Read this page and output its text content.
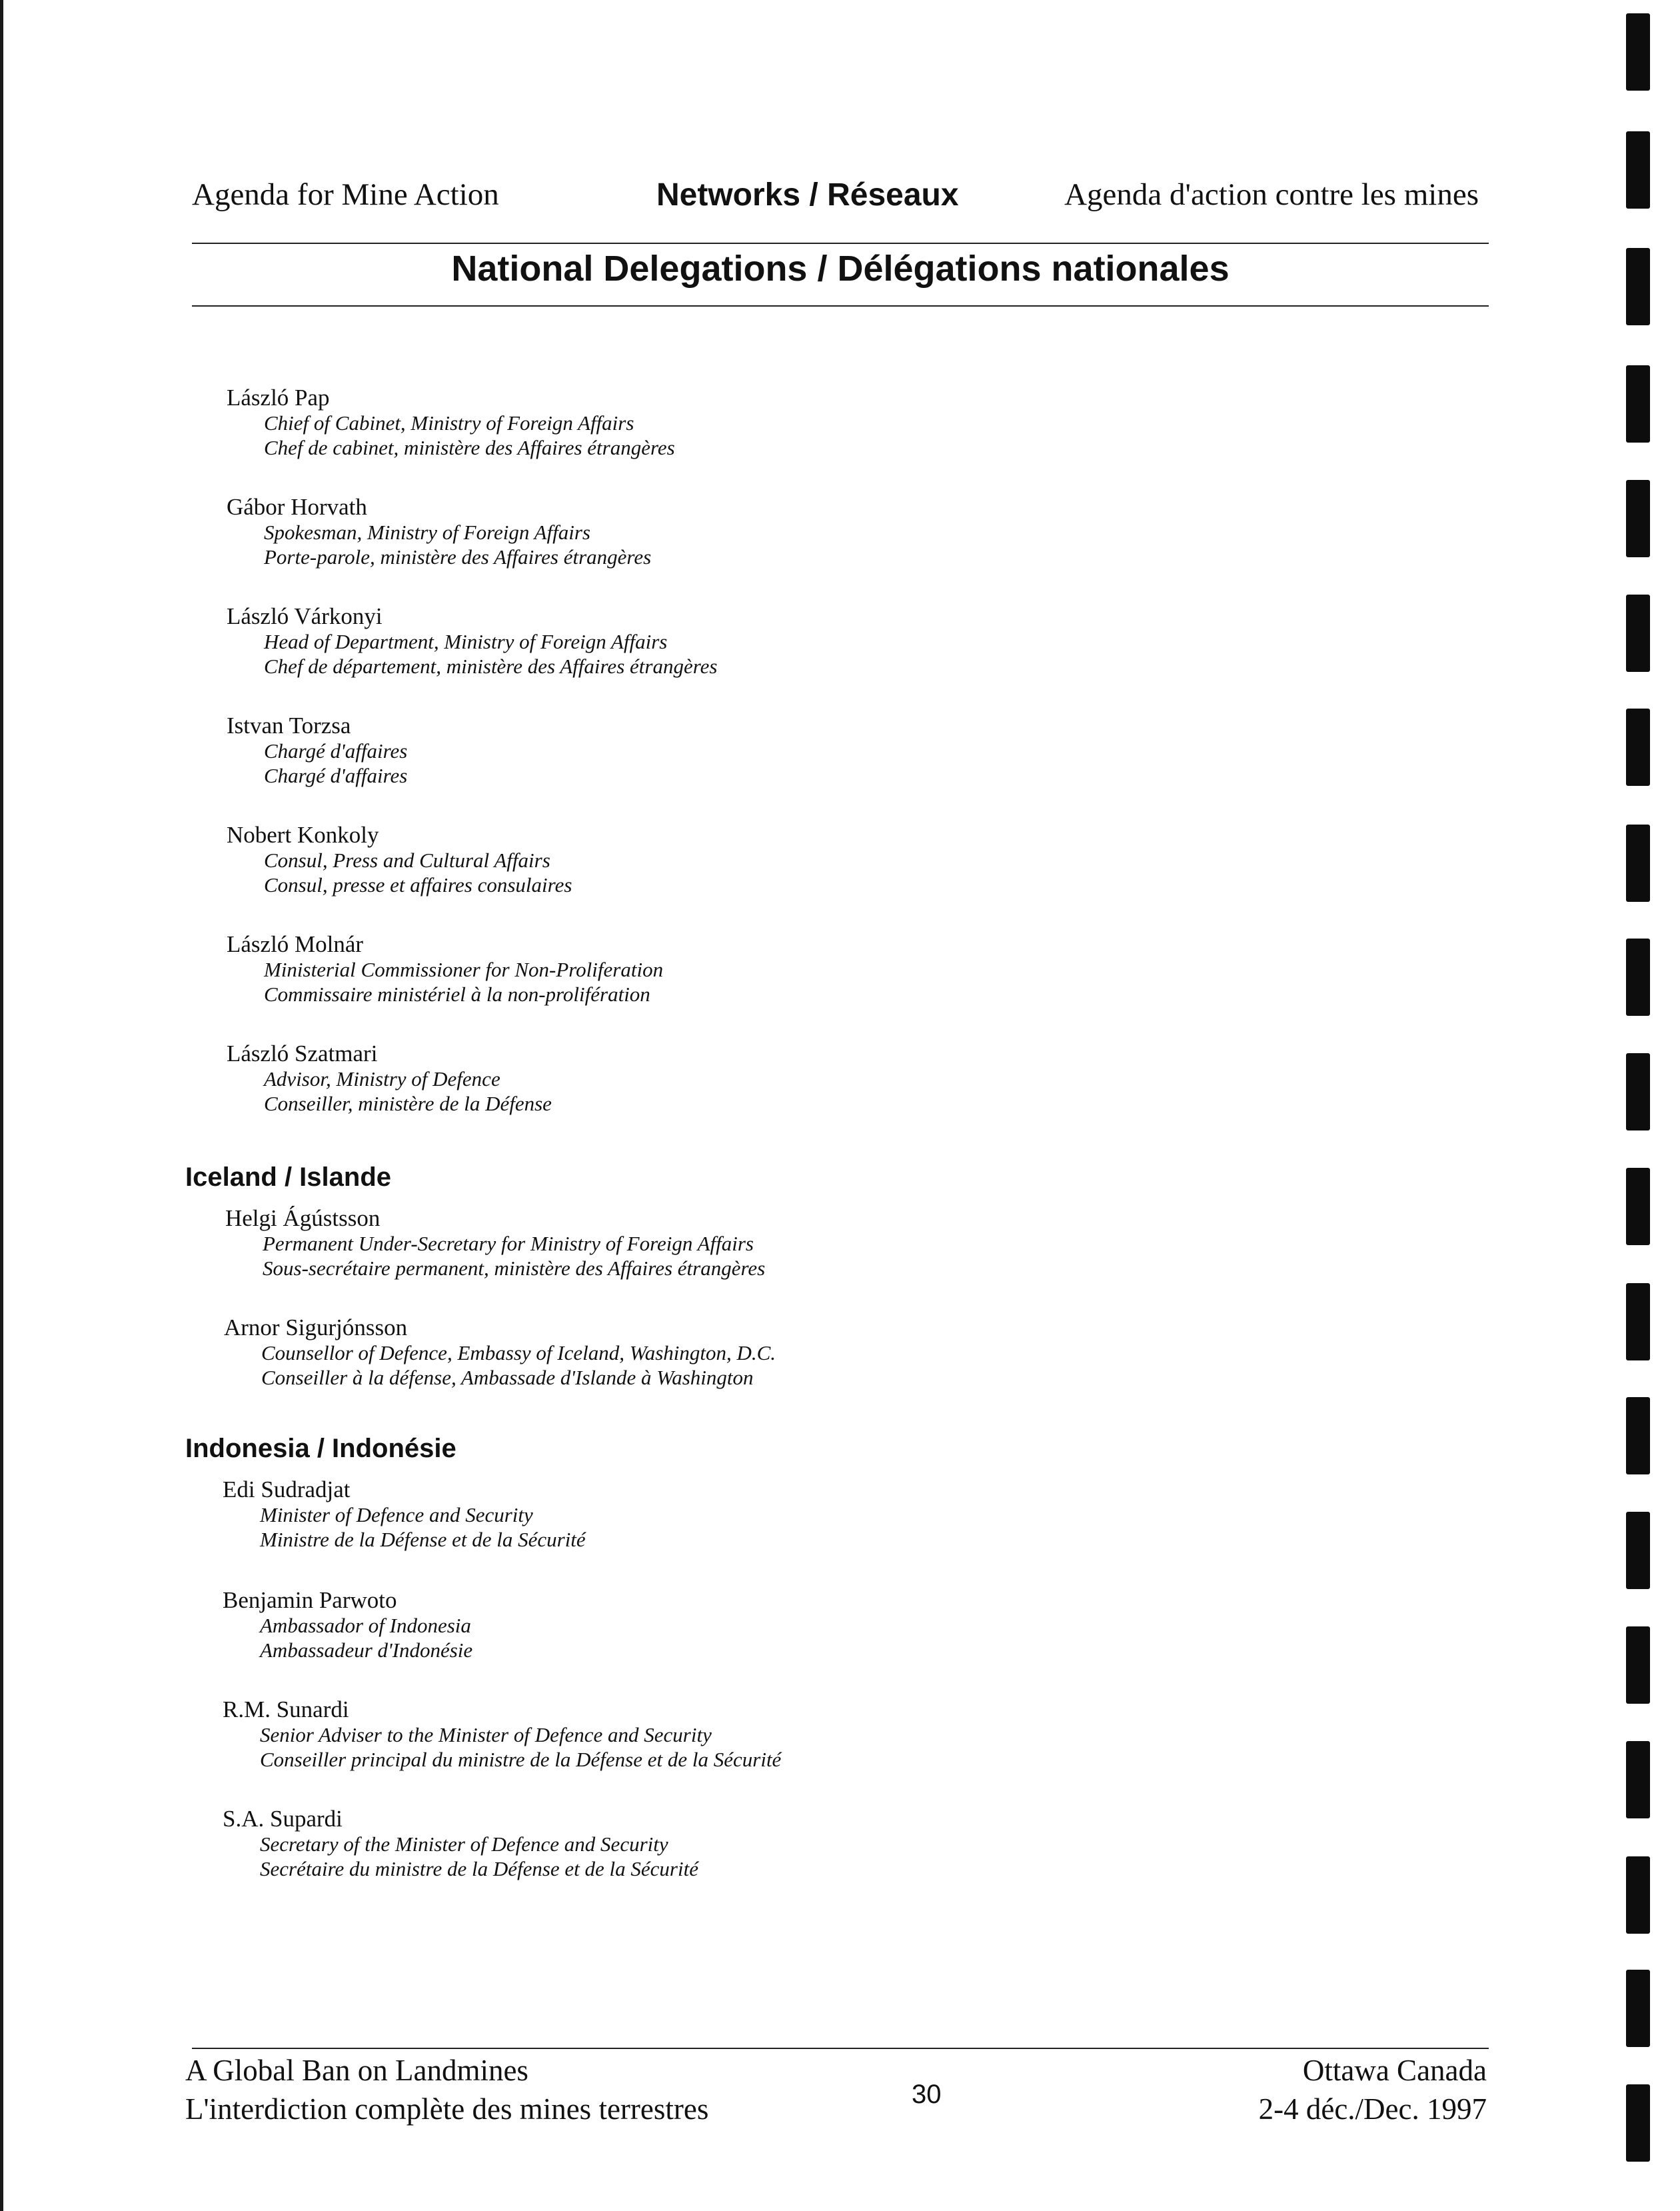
Agenda for Mine Action	Networks / Réseaux	Agenda d'action contre les mines
National Delegations / Délégations nationales
László Pap
Chief of Cabinet, Ministry of Foreign Affairs
Chef de cabinet, ministère des Affaires étrangères
Gábor Horvath
Spokesman, Ministry of Foreign Affairs
Porte-parole, ministère des Affaires étrangères
László Várkonyi
Head of Department, Ministry of Foreign Affairs
Chef de département, ministère des Affaires étrangères
Istvan Torzsa
Chargé d'affaires
Chargé d'affaires
Nobert Konkoly
Consul, Press and Cultural Affairs
Consul, presse et affaires consulaires
László Molnár
Ministerial Commissioner for Non-Proliferation
Commissaire ministériel à la non-prolifération
László Szatmari
Advisor, Ministry of Defence
Conseiller, ministère de la Défense
Iceland / Islande
Helgi Ágústsson
Permanent Under-Secretary for Ministry of Foreign Affairs
Sous-secrétaire permanent, ministère des Affaires étrangères
Arnor Sigurjónsson
Counsellor of Defence, Embassy of Iceland, Washington, D.C.
Conseiller à la défense, Ambassade d'Islande à Washington
Indonesia / Indonésie
Edi Sudradjat
Minister of Defence and Security
Ministre de la Défense et de la Sécurité
Benjamin Parwoto
Ambassador of Indonesia
Ambassadeur d'Indonésie
R.M. Sunardi
Senior Adviser to the Minister of Defence and Security
Conseiller principal du ministre de la Défense et de la Sécurité
S.A. Supardi
Secretary of the Minister of Defence and Security
Secrétaire du ministre de la Défense et de la Sécurité
A Global Ban on Landmines
L'interdiction complète des mines terrestres	30
Ottawa Canada
2-4 déc./Dec. 1997
